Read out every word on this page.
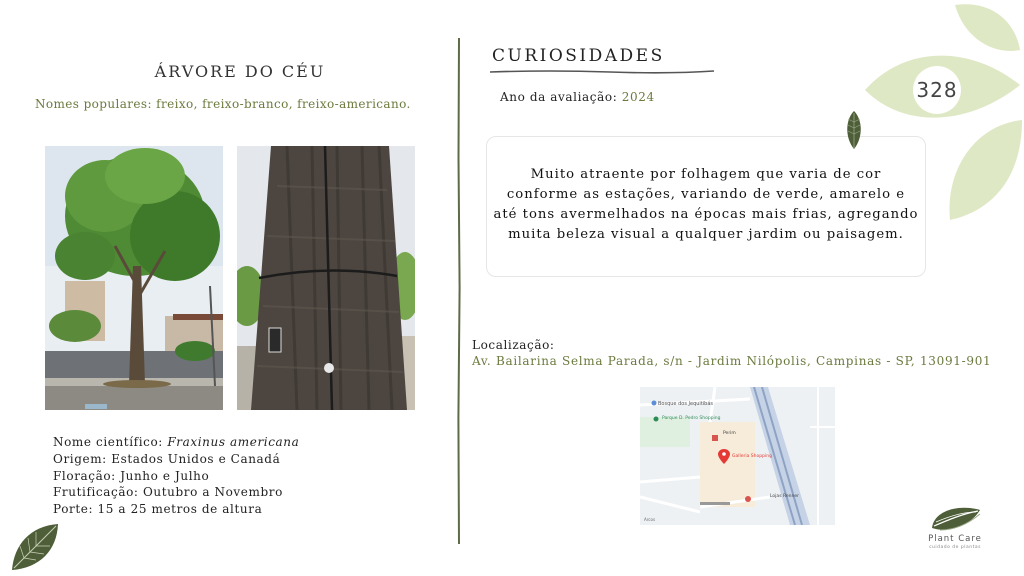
ÁRVORE DO CÉU
Nomes populares: freixo, freixo-branco, freixo-americano.
Nome científico: Fraxinus americana
Origem: Estados Unidos e Canadá
Floração: Junho e Julho
Frutificação: Outubro a Novembro
Porte: 15 a 25 metros de altura
CURIOSIDADES
Ano da avaliação: 2024
Muito atraente por folhagem que varia de cor conforme as estações, variando de verde, amarelo e até tons avermelhados na épocas mais frias, agregando muita beleza visual a qualquer jardim ou paisagem.
Localização:
Av. Bailarina Selma Parada, s/n - Jardim Nilópolis, Campinas - SP, 13091-901
Bosque dos Jequitibás
Parque D. Pedro Shopping
Perim
Galleria Shopping
Lojas Renner
Arcos
328
Plant Care
cuidado de plantas
